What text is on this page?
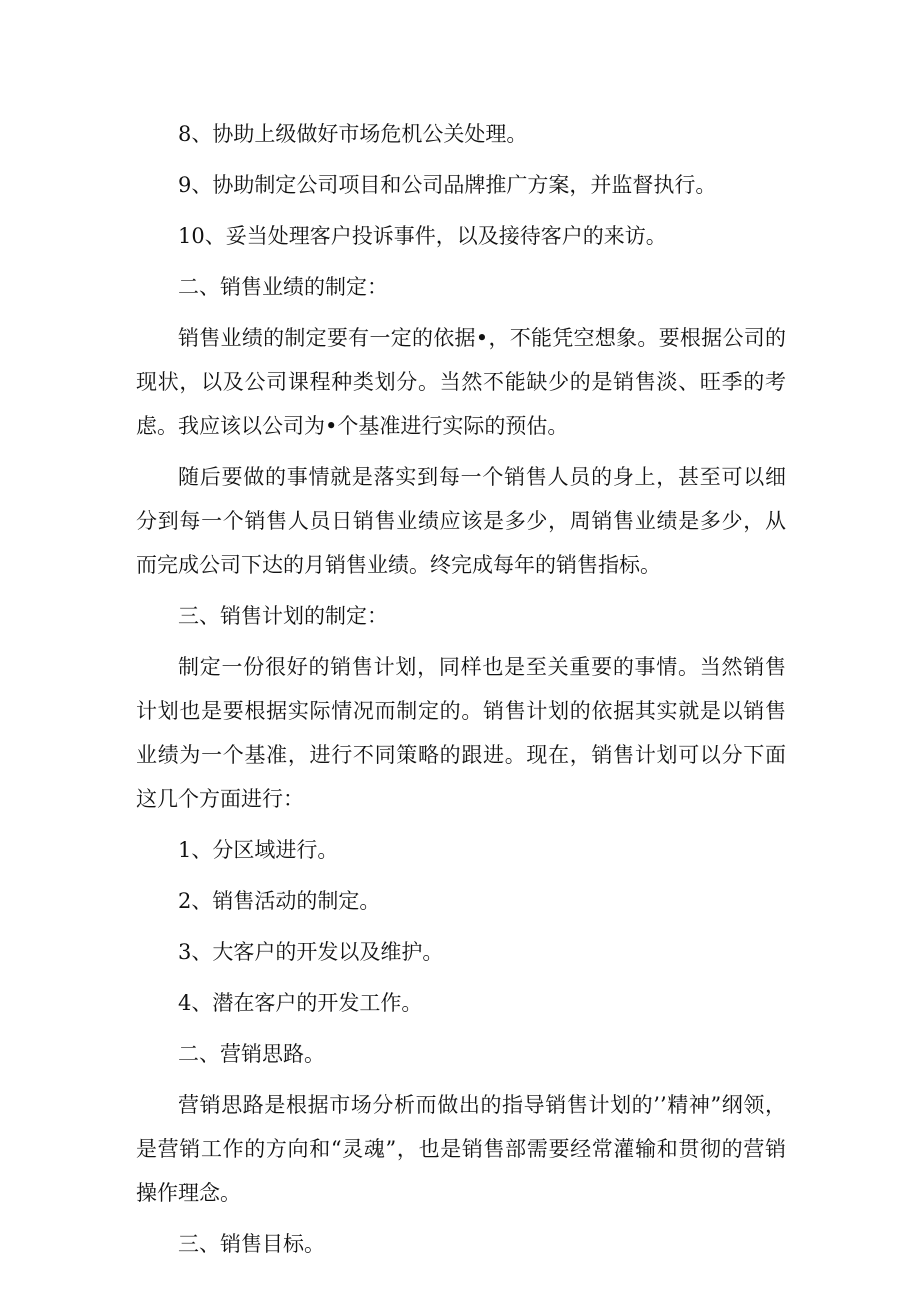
8、协助上级做好市场危机公关处理。

9、协助制定公司项目和公司品牌推广方案，并监督执行。

10、妥当处理客户投诉事件，以及接待客户的来访。

二、销售业绩的制定：

销售业绩的制定要有一定的依据•，不能凭空想象。要根据公司的现状，以及公司课程种类划分。当然不能缺少的是销售淡、旺季的考虑。我应该以公司为•个基准进行实际的预估。

随后要做的事情就是落实到每一个销售人员的身上，甚至可以细分到每一个销售人员日销售业绩应该是多少，周销售业绩是多少，从而完成公司下达的月销售业绩。终完成每年的销售指标。

三、销售计划的制定：

制定一份很好的销售计划，同样也是至关重要的事情。当然销售计划也是要根据实际情况而制定的。销售计划的依据其实就是以销售业绩为一个基准，进行不同策略的跟进。现在，销售计划可以分下面这几个方面进行：

1、分区域进行。

2、销售活动的制定。

3、大客户的开发以及维护。

4、潜在客户的开发工作。

二、营销思路。

营销思路是根据市场分析而做出的指导销售计划的’’精神”纲领，是营销工作的方向和“灵魂”，也是销售部需要经常灌输和贯彻的营销操作理念。

三、销售目标。
